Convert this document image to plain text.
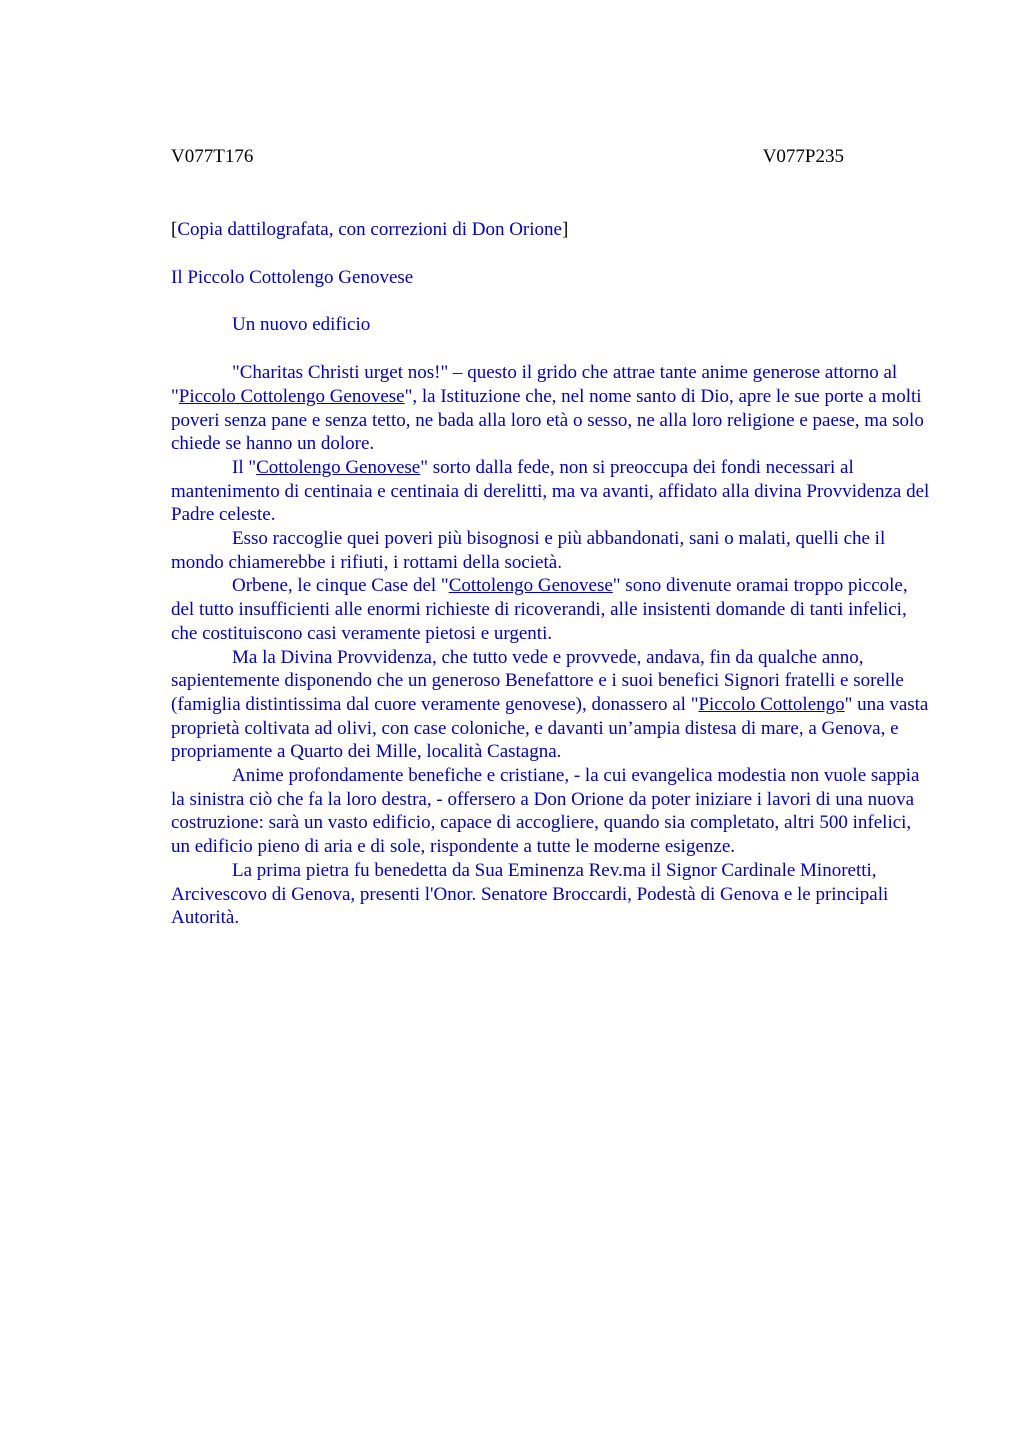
V077T176	V077P235
[Copia dattilografata, con correzioni di Don Orione]
Il Piccolo Cottolengo Genovese
Un nuovo edificio

"Charitas Christi urget nos!" – questo il grido che attrae tante anime generose attorno al "Piccolo Cottolengo Genovese", la Istituzione che, nel nome santo di Dio, apre le sue porte a molti poveri senza pane e senza tetto, ne bada alla loro età o sesso, ne alla loro religione e paese, ma solo chiede se hanno un dolore.

Il "Cottolengo Genovese" sorto dalla fede, non si preoccupa dei fondi necessari al mantenimento di centinaia e centinaia di derelitti, ma va avanti, affidato alla divina Provvidenza del Padre celeste.

Esso raccoglie quei poveri più bisognosi e più abbandonati, sani o malati, quelli che il mondo chiamerebbe i rifiuti, i rottami della società.

Orbene, le cinque Case del "Cottolengo Genovese" sono divenute oramai troppo piccole, del tutto insufficienti alle enormi richieste di ricoverandi, alle insistenti domande di tanti infelici, che costituiscono casi veramente pietosi e urgenti.

Ma la Divina Provvidenza, che tutto vede e provvede, andava, fin da qualche anno, sapientemente disponendo che un generoso Benefattore e i suoi benefici Signori fratelli e sorelle (famiglia distintissima dal cuore veramente genovese), donassero al "Piccolo Cottolengo" una vasta proprietà coltivata ad olivi, con case coloniche, e davanti un’ampia distesa di mare, a Genova, e propriamente a Quarto dei Mille, località Castagna.

Anime profondamente benefiche e cristiane, - la cui evangelica modestia non vuole sappia la sinistra ciò che fa la loro destra, - offersero a Don Orione da poter iniziare i lavori di una nuova costruzione: sarà un vasto edificio, capace di accogliere, quando sia completato, altri 500 infelici, un edificio pieno di aria e di sole, rispondente a tutte le moderne esigenze.

La prima pietra fu benedetta da Sua Eminenza Rev.ma il Signor Cardinale Minoretti, Arcivescovo di Genova, presenti l'Onor. Senatore Broccardi, Podestà di Genova e le principali Autorità.
